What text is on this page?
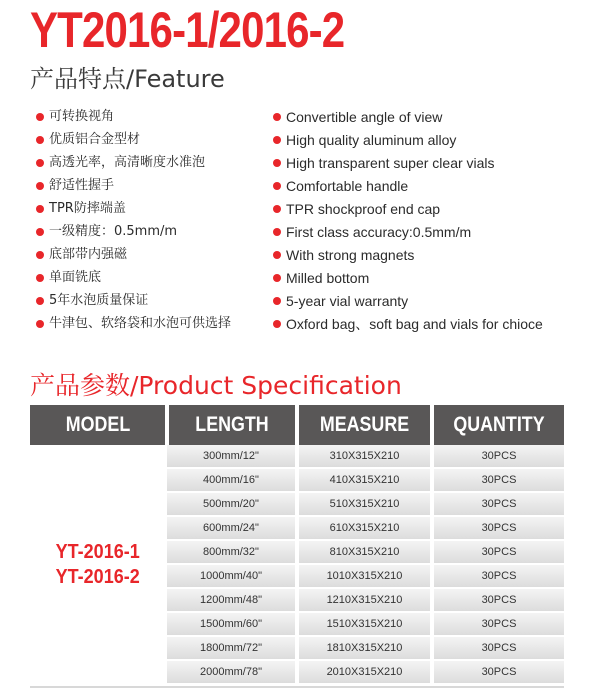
YT2016-1/2016-2
产品特点/Feature
可转换视角
优质铝合金型材
高透光率，高清晰度水准泡
舒适性握手
TPR防摔端盖
一级精度：0.5mm/m
底部带内强磁
单面铣底
5年水泡质量保证
牛津包、软络袋和水泡可供选择
Convertible angle of view
High quality aluminum alloy
High transparent super clear vials
Comfortable handle
TPR shockproof end cap
First class accuracy:0.5mm/m
With strong magnets
Milled bottom
5-year vial warranty
Oxford bag、soft bag and vials for chioce
产品参数/Product Specification
MODEL	LENGTH	MEASURE	QUANTITY
YT-2016-1
YT-2016-2
300mm/12"	310X315X210	30PCS
400mm/16"	410X315X210	30PCS
500mm/20"	510X315X210	30PCS
600mm/24"	610X315X210	30PCS
800mm/32"	810X315X210	30PCS
1000mm/40"	1010X315X210	30PCS
1200mm/48"	1210X315X210	30PCS
1500mm/60"	1510X315X210	30PCS
1800mm/72"	1810X315X210	30PCS
2000mm/78"	2010X315X210	30PCS
